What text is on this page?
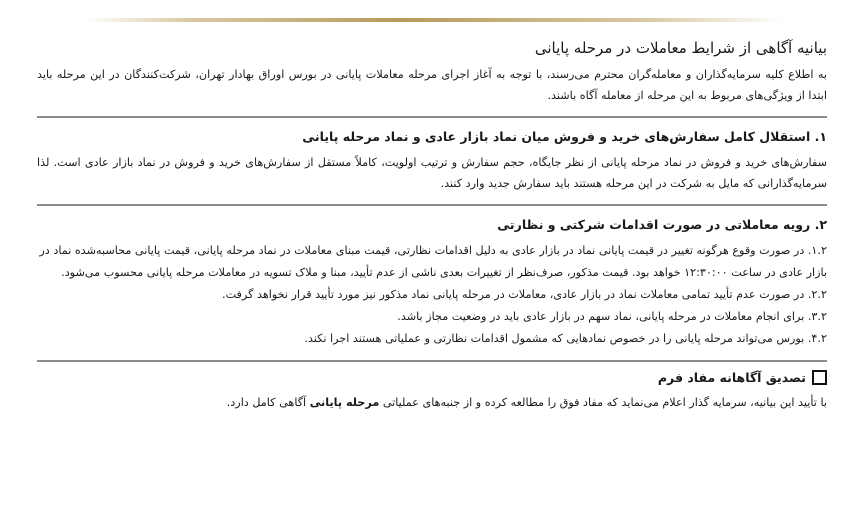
بیانیه آگاهی از شرایط معاملات در مرحله پایانی

به اطلاع کلیه سرمایه‌گذاران و معامله‌گران محترم می‌رسند، با توجه به آغاز اجرای مرحله معاملات پایانی در بورس اوراق بهادار تهران، شرکت‌کنندگان در این مرحله باید ابتدا از ویژگی‌های مربوط به این مرحله از معامله آگاه باشند.

۱. استقلال کامل سفارش‌های خرید و فروش میان نماد بازار عادی و نماد مرحله پایانی

سفارش‌های خرید و فروش در نماد مرحله پایانی از نظر جایگاه، حجم سفارش و ترتیب اولویت، کاملاً مستقل از سفارش‌های خرید و فروش در نماد بازار عادی است. لذا سرمایه‌گذارانی که مایل به شرکت در این مرحله هستند باید سفارش جدید وارد کنند.

۲. رویه معاملاتی در صورت اقدامات شرکتی و نظارتی

۱.۲. در صورت وقوع هرگونه تغییر در قیمت پایانی نماد در بازار عادی به دلیل اقدامات نظارتی، قیمت مبنای معاملات در نماد مرحله پایانی، قیمت پایانی محاسبه‌شده نماد در بازار عادی در ساعت ۱۲:۳۰:۰۰ خواهد بود. قیمت مذکور، صرف‌نظر از تغییرات بعدی ناشی از عدم تأیید، مبنا و ملاک تسویه در معاملات مرحله پایانی محسوب می‌شود.

۲.۲. در صورت عدم تأیید تمامی معاملات نماد در بازار عادی، معاملات در مرحله پایانی نماد مذکور نیز مورد تأیید قرار نخواهد گرفت.

۳.۲. برای انجام معاملات در مرحله پایانی، نماد سهم در بازار عادی باید در وضعیت مجاز باشد.

۴.۲. بورس می‌تواند مرحله پایانی را در خصوص نمادهایی که مشمول اقدامات نظارتی و عملیاتی هستند اجرا نکند.

تصدیق آگاهانه مفاد فرم

با تأیید این بیانیه، سرمایه گذار اعلام می‌نماید که مفاد فوق را مطالعه کرده و از جنبه‌های عملیاتی مرحله پایانی آگاهی کامل دارد.
